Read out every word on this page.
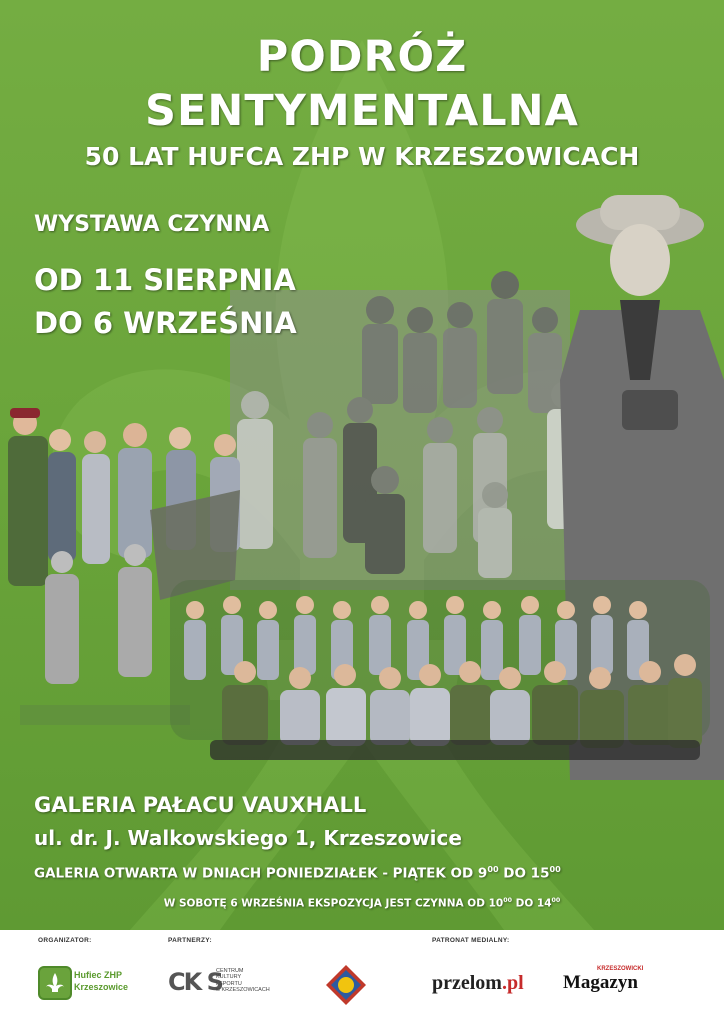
PODRÓŻ
SENTYMENTALNA
50 LAT HUFCA ZHP W KRZESZOWICACH
WYSTAWA CZYNNA
OD 11 SIERPNIA
DO 6 WRZEŚNIA
GALERIA PAŁACU VAUXHALL
ul. dr. J. Walkowskiego 1, Krzeszowice
GALERIA OTWARTA W DNIACH PONIEDZIAŁEK - PIĄTEK OD $9^{00}$ DO $15^{00}$
W SOBOTĘ 6 WRZEŚNIA EKSPOZYCJA JEST CZYNNA OD $10^{00}$ DO $14^{00}$
ORGANIZATOR:	PARTNERZY:	PATRONAT MEDIALNY:
Hufiec ZHP
Krzeszowice CK S
CENTRUM
KULTURY
I SPORTU
w KRZESZOWICACH	przelom.pl
KRZESZOWICKI
Magazyn
